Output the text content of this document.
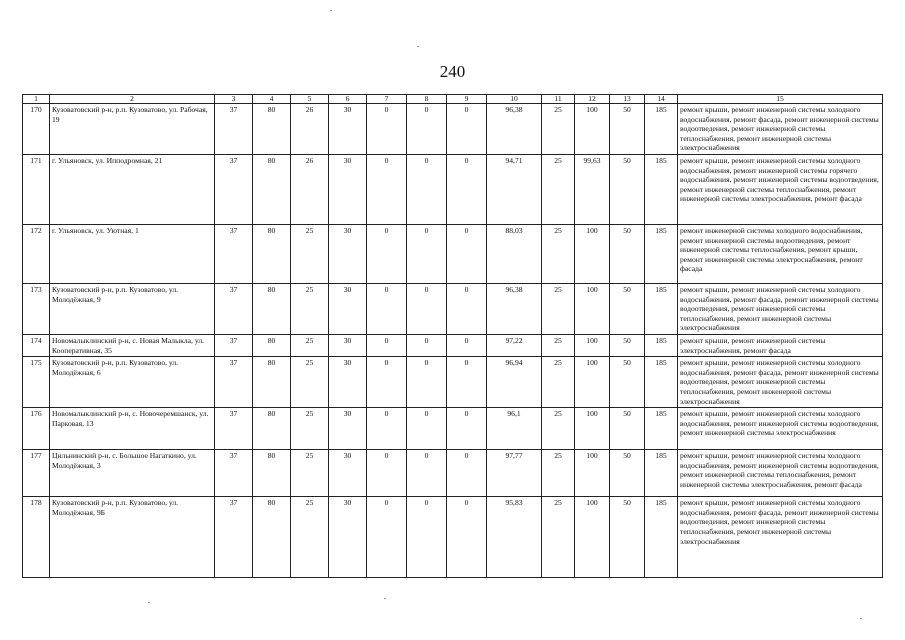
240
1	2	3	4	5	6	7	8	9	10	11	12	13	14	15
170	Кузоватовский р-н, р.п. Кузоватово, ул. Рабочая, 19	37	80	26	30	0	0	0	96,38	25	100	50	185	ремонт крыши, ремонт инженерной системы холодного водоснабжения, ремонт фасада, ремонт инженерной системы водоотведения, ремонт инженерной системы теплоснабжения, ремонт инженерной системы электроснабжения
171	г. Ульяновск, ул. Ипподромная, 21	37	80	26	30	0	0	0	94,71	25	99,63	50	185	ремонт крыши, ремонт инженерной системы холодного водоснабжения, ремонт инженерной системы горячего водоснабжения, ремонт инженерной системы водоотведения, ремонт инженерной системы теплоснабжения, ремонт инженерной системы электроснабжения, ремонт фасада
172	г. Ульяновск, ул. Уютная, 1	37	80	25	30	0	0	0	88,03	25	100	50	185	ремонт инженерной системы холодного водоснабжения, ремонт инженерной системы водоотведения, ремонт инженерной системы теплоснабжения, ремонт крыши, ремонт инженерной системы электроснабжения, ремонт фасада
173	Кузоватовский р-н, р.п. Кузоватово, ул. Молодёжная, 9	37	80	25	30	0	0	0	96,38	25	100	50	185	ремонт крыши, ремонт инженерной системы холодного водоснабжения, ремонт фасада, ремонт инженерной системы водоотведения, ремонт инженерной системы теплоснабжения, ремонт инженерной системы электроснабжения
174	Новомалыклинский р-н, с. Новая Малыкла, ул. Кооперативная, 35	37	80	25	30	0	0	0	97,22	25	100	50	185	ремонт крыши, ремонт инженерной системы электроснабжения, ремонт фасада
175	Кузоватовский р-н, р.п. Кузоватово, ул. Молодёжная, 6	37	80	25	30	0	0	0	96,94	25	100	50	185	ремонт крыши, ремонт инженерной системы холодного водоснабжения, ремонт фасада, ремонт инженерной системы водоотведения, ремонт инженерной системы теплоснабжения, ремонт инженерной системы электроснабжения
176	Новомалыклинский р-н, с. Новочеремшанск, ул. Парковая, 13	37	80	25	30	0	0	0	96,1	25	100	50	185	ремонт крыши, ремонт инженерной системы холодного водоснабжения, ремонт инженерной системы водоотведения, ремонт инженерной системы электроснабжения
177	Цильнинский р-н, с. Большое Нагаткино, ул. Молодёжная, 3	37	80	25	30	0	0	0	97,77	25	100	50	185	ремонт крыши, ремонт инженерной системы холодного водоснабжения, ремонт инженерной системы водоотведения, ремонт инженерной системы теплоснабжения, ремонт инженерной системы электроснабжения, ремонт фасада
178	Кузоватовский р-н, р.п. Кузоватово, ул. Молодёжная, 9Б	37	80	25	30	0	0	0	95,83	25	100	50	185	ремонт крыши, ремонт инженерной системы холодного водоснабжения, ремонт фасада, ремонт инженерной системы водоотведения, ремонт инженерной системы теплоснабжения, ремонт инженерной системы электроснабжения
